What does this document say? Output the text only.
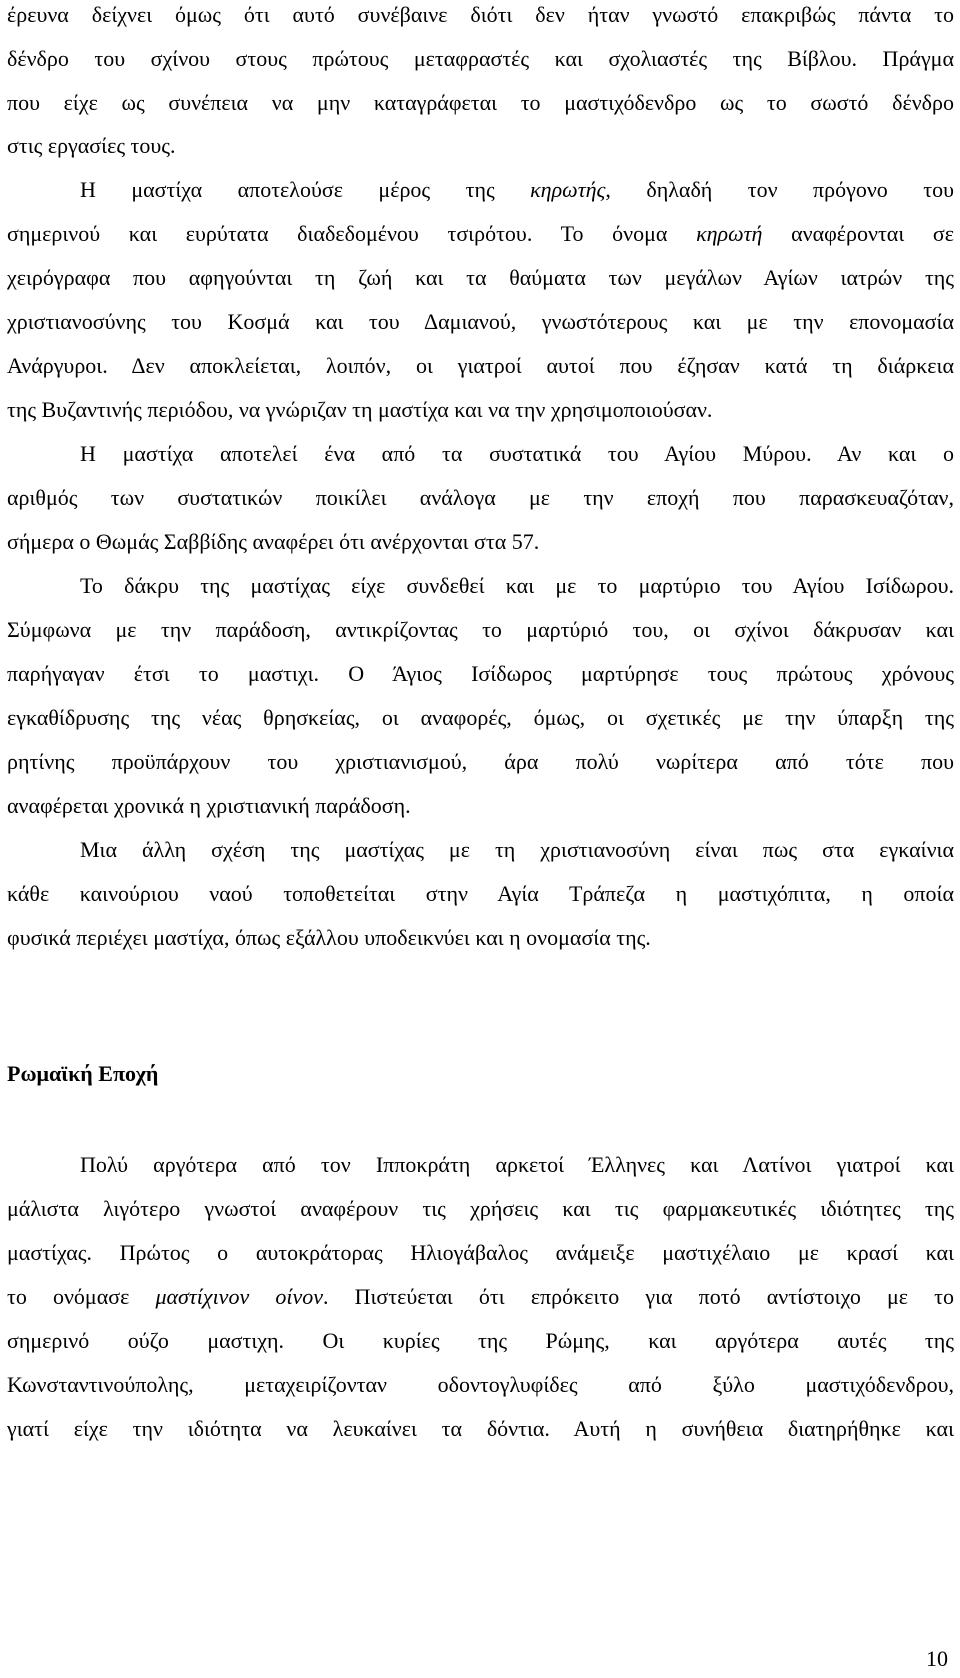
έρευνα δείχνει όμως ότι αυτό συνέβαινε διότι δεν ήταν γνωστό επακριβώς πάντα το
δένδρο του σχίνου στους πρώτους μεταφραστές και σχολιαστές της Βίβλου. Πράγμα
που είχε ως συνέπεια να μην καταγράφεται το μαστιχόδενδρο ως το σωστό δένδρο
στις εργασίες τους.
Η μαστίχα αποτελούσε μέρος της κηρωτής, δηλαδή τον πρόγονο του
σημερινού και ευρύτατα διαδεδομένου τσιρότου. Το όνομα κηρωτή αναφέρονται σε
χειρόγραφα που αφηγούνται τη ζωή και τα θαύματα των μεγάλων Αγίων ιατρών της
χριστιανοσύνης του Κοσμά και του Δαμιανού, γνωστότερους και με την επονομασία
Ανάργυροι. Δεν αποκλείεται, λοιπόν, οι γιατροί αυτοί που έζησαν κατά τη διάρκεια
της Βυζαντινής περιόδου, να γνώριζαν τη μαστίχα και να την χρησιμοποιούσαν.
Η μαστίχα αποτελεί ένα από τα συστατικά του Αγίου Μύρου. Αν και ο
αριθμός των συστατικών ποικίλει ανάλογα με την εποχή που παρασκευαζόταν,
σήμερα ο Θωμάς Σαββίδης αναφέρει ότι ανέρχονται στα 57.
Το δάκρυ της μαστίχας είχε συνδεθεί και με το μαρτύριο του Αγίου Ισίδωρου.
Σύμφωνα με την παράδοση, αντικρίζοντας το μαρτύριό του, οι σχίνοι δάκρυσαν και
παρήγαγαν έτσι το μαστιχι. Ο Άγιος Ισίδωρος μαρτύρησε τους πρώτους χρόνους
εγκαθίδρυσης της νέας θρησκείας, οι αναφορές, όμως, οι σχετικές με την ύπαρξη της
ρητίνης προϋπάρχουν του χριστιανισμού, άρα πολύ νωρίτερα από τότε που
αναφέρεται χρονικά η χριστιανική παράδοση.
Μια άλλη σχέση της μαστίχας με τη χριστιανοσύνη είναι πως στα εγκαίνια
κάθε καινούριου ναού τοποθετείται στην Αγία Τράπεζα η μαστιχόπιτα, η οποία
φυσικά περιέχει μαστίχα, όπως εξάλλου υποδεικνύει και η ονομασία της.
Ρωμαϊκή Εποχή
Πολύ αργότερα από τον Ιπποκράτη αρκετοί Έλληνες και Λατίνοι γιατροί και
μάλιστα λιγότερο γνωστοί αναφέρουν τις χρήσεις και τις φαρμακευτικές ιδιότητες της
μαστίχας. Πρώτος ο αυτοκράτορας Ηλιογάβαλος ανάμειξε μαστιχέλαιο με κρασί και
το ονόμασε μαστίχινον οίνον. Πιστεύεται ότι επρόκειτο για ποτό αντίστοιχο με το
σημερινό ούζο μαστιχη. Οι κυρίες της Ρώμης, και αργότερα αυτές της
Κωνσταντινούπολης, μεταχειρίζονταν οδοντογλυφίδες από ξύλο μαστιχόδενδρου,
γιατί είχε την ιδιότητα να λευκαίνει τα δόντια. Αυτή η συνήθεια διατηρήθηκε και
10
